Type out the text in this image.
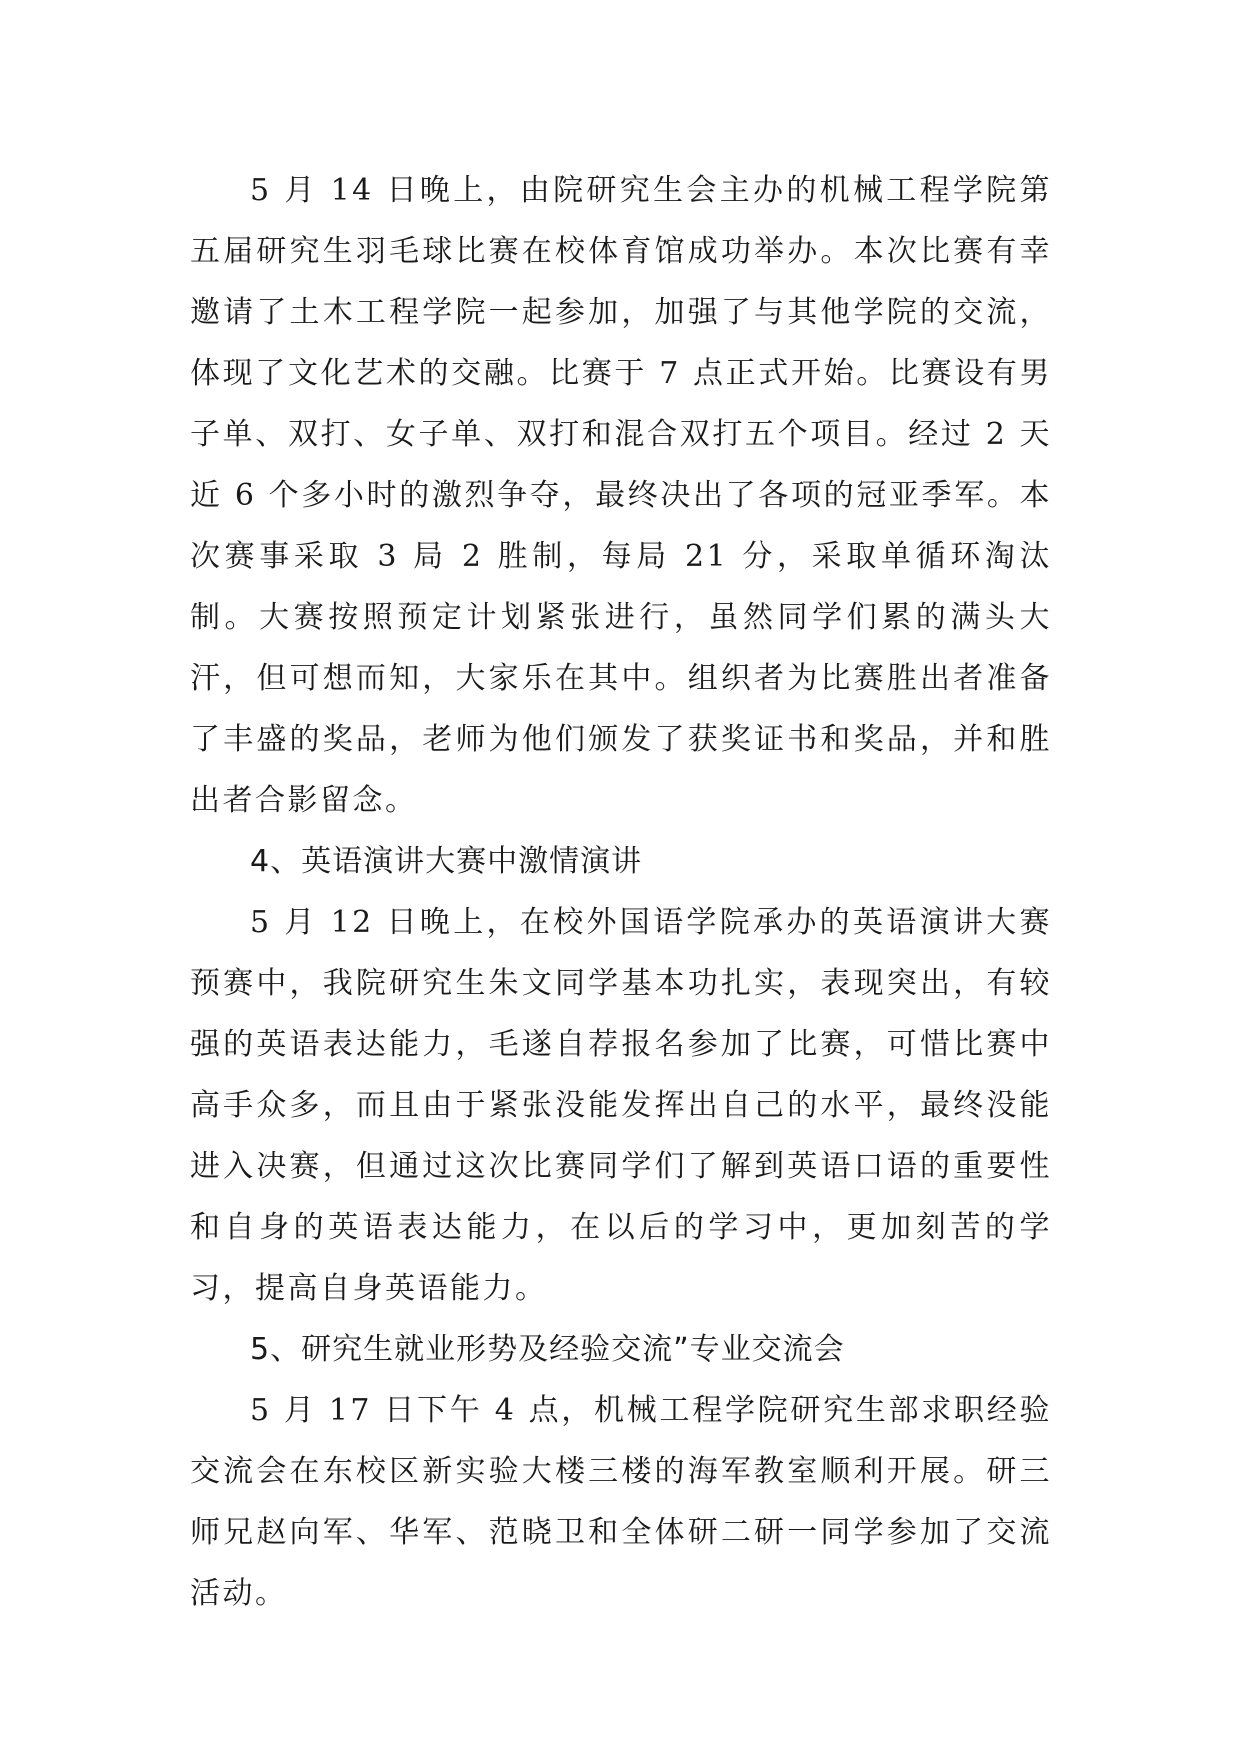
5 月 14 日晚上，由院研究生会主办的机械工程学院第五届研究生羽毛球比赛在校体育馆成功举办。本次比赛有幸邀请了土木工程学院一起参加，加强了与其他学院的交流，体现了文化艺术的交融。比赛于 7 点正式开始。比赛设有男子单、双打、女子单、双打和混合双打五个项目。经过 2 天近 6 个多小时的激烈争夺，最终决出了各项的冠亚季军。本次赛事采取 3 局 2 胜制，每局 21 分，采取单循环淘汰制。大赛按照预定计划紧张进行，虽然同学们累的满头大汗，但可想而知，大家乐在其中。组织者为比赛胜出者准备了丰盛的奖品，老师为他们颁发了获奖证书和奖品，并和胜出者合影留念。

4、英语演讲大赛中激情演讲

5 月 12 日晚上，在校外国语学院承办的英语演讲大赛预赛中，我院研究生朱文同学基本功扎实，表现突出，有较强的英语表达能力，毛遂自荐报名参加了比赛，可惜比赛中高手众多，而且由于紧张没能发挥出自己的水平，最终没能进入决赛，但通过这次比赛同学们了解到英语口语的重要性和自身的英语表达能力，在以后的学习中，更加刻苦的学习，提高自身英语能力。

5、研究生就业形势及经验交流”专业交流会

5 月 17 日下午 4 点，机械工程学院研究生部求职经验交流会在东校区新实验大楼三楼的海军教室顺利开展。研三师兄赵向军、华军、范晓卫和全体研二研一同学参加了交流活动。
